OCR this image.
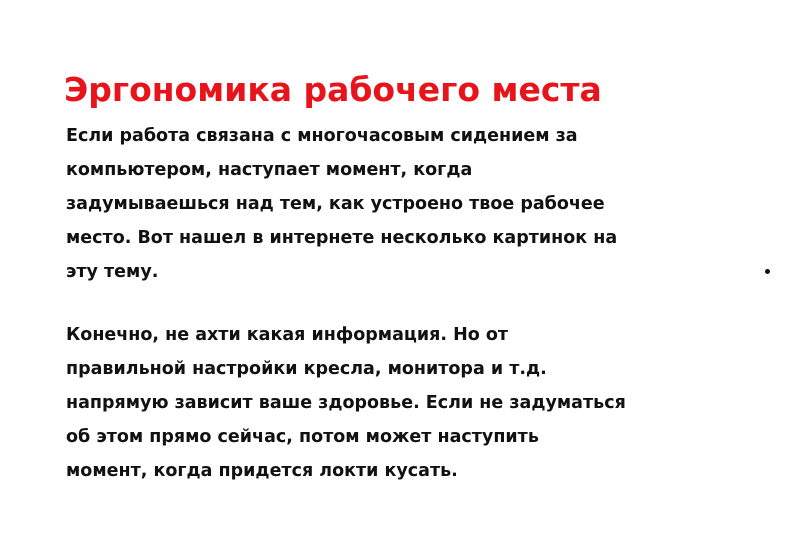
Эргономика рабочего места

Если работа связана с многочасовым сидением за
компьютером, наступает момент, когда
задумываешься над тем, как устроено твое рабочее
место. Вот нашел в интернете несколько картинок на
эту тему.

Конечно, не ахти какая информация. Но от
правильной настройки кресла, монитора и т.д.
напрямую зависит ваше здоровье. Если не задуматься
об этом прямо сейчас, потом может наступить
момент, когда придется локти кусать.
